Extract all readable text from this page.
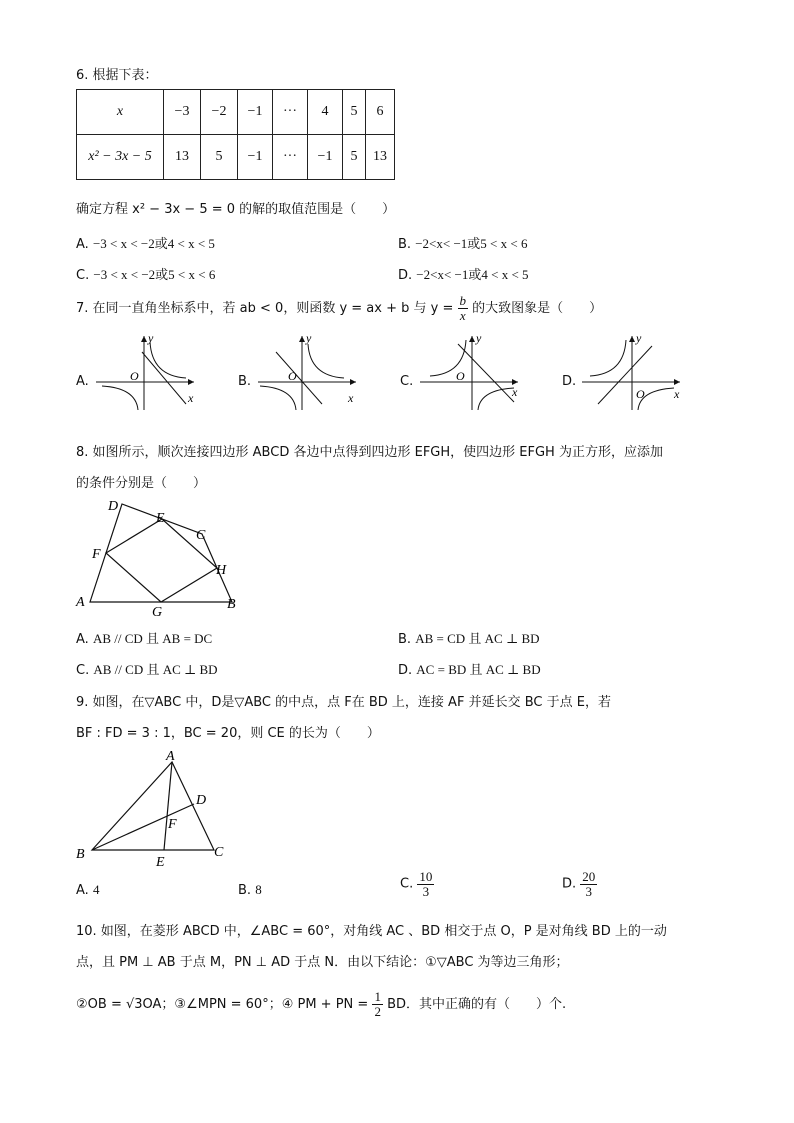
6. 根据下表：
x	−3	−2	−1	···	4	5	6
x² − 3x − 5	13	5	−1	···	−1	5	13
确定方程 x² − 3x − 5 = 0 的解的取值范围是（　　）
A. −3 < x < −2或4 < x < 5	B. −2<x< −1或5 < x < 6
C. −3 < x < −2或5 < x < 6	D. −2<x< −1或4 < x < 5
7. 在同一直角坐标系中，若 ab < 0，则函数 y = ax + b 与 $y = \frac{b}{x}$ 的大致图象是（　　）
A.	B.	C.	D.
x
y
O
x
y
O
x
y
O
x
y
O
8. 如图所示，顺次连接四边形 ABCD 各边中点得到四边形 EFGH，使四边形 EFGH 为正方形，应添加
的条件分别是（　　）
A	B
C
D
E
F
G
H
A. AB // CD 且 AB = DC	B. AB = CD 且 AC ⊥ BD
C. AB // CD 且 AC ⊥ BD	D. AC = BD 且 AC ⊥ BD
9. 如图，在▽ABC 中，D是▽ABC 的中点，点 F在 BD 上，连接 AF 并延长交 BC 于点 E，若
BF : FD = 3 : 1，BC = 20，则 CE 的长为（　　）
A
B	C
D
E
F
A. 4	B. 8	C. $\frac{10}{3}$	D. $\frac{20}{3}$
10. 如图，在菱形 ABCD 中，∠ABC = 60°，对角线 AC 、BD 相交于点 O，P 是对角线 BD 上的一动
点，且 PM ⊥ AB 于点 M，PN ⊥ AD 于点 N．由以下结论：①▽ABC 为等边三角形；
②OB = √3OA；③∠MPN = 60°；④ PM + PN = $\frac{1}{2}$ BD．其中正确的有（　　）个.
